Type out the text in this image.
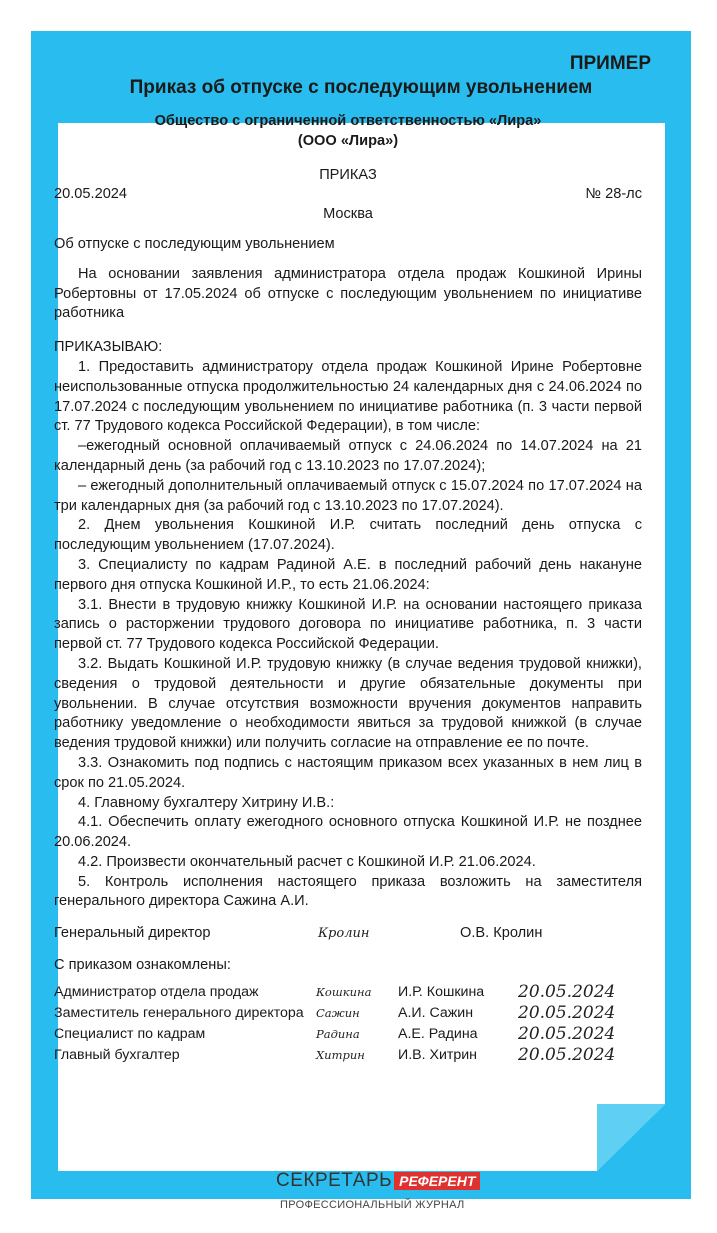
ПРИМЕР
Приказ об отпуске с последующим увольнением
Общество с ограниченной ответственностью «Лира»
(ООО «Лира»)
ПРИКАЗ
20.05.2024	№ 28-лс
Москва

Об отпуске с последующим увольнением

На основании заявления администратора отдела продаж Кошкиной Ирины Робертовны от 17.05.2024 об отпуске с последующим увольнением по инициативе работника

ПРИКАЗЫВАЮ:

1. Предоставить администратору отдела продаж Кошкиной Ирине Робертовне неиспользованные отпуска продолжительностью 24 календарных дня с 24.06.2024 по 17.07.2024 с последующим увольнением по инициативе работника (п. 3 части первой ст. 77 Трудового кодекса Российской Федерации), в том числе:

–ежегодный основной оплачиваемый отпуск с 24.06.2024 по 14.07.2024 на 21 календарный день (за рабочий год с 13.10.2023 по 17.07.2024);

– ежегодный дополнительный оплачиваемый отпуск с 15.07.2024 по 17.07.2024 на три календарных дня (за рабочий год с 13.10.2023 по 17.07.2024).

2. Днем увольнения Кошкиной И.Р. считать последний день отпуска с последующим увольнением (17.07.2024).

3. Специалисту по кадрам Радиной А.Е. в последний рабочий день накануне первого дня отпуска Кошкиной И.Р., то есть 21.06.2024:

3.1. Внести в трудовую книжку Кошкиной И.Р. на основании настоящего приказа запись о расторжении трудового договора по инициативе работника, п. 3 части первой ст. 77 Трудового кодекса Российской Федерации.

3.2. Выдать Кошкиной И.Р. трудовую книжку (в случае ведения трудовой книжки), сведения о трудовой деятельности и другие обязательные документы при увольнении. В случае отсутствия возможности вручения документов направить работнику уведомление о необходимости явиться за трудовой книжкой (в случае ведения трудовой книжки) или получить согласие на отправление ее по почте.

3.3. Ознакомить под подпись с настоящим приказом всех указанных в нем лиц в срок по 21.05.2024.

4. Главному бухгалтеру Хитрину И.В.:

4.1. Обеспечить оплату ежегодного основного отпуска Кошкиной И.Р. не позднее 20.06.2024.

4.2. Произвести окончательный расчет с Кошкиной И.Р. 21.06.2024.

5. Контроль исполнения настоящего приказа возложить на заместителя генерального директора Сажина А.И.

Генеральный директор	Кролин	О.В. Кролин

С приказом ознакомлены:

Администратор отдела продаж	Кошкина	И.Р. Кошкина	20.05.2024
Заместитель генерального директора	Сажин	А.И. Сажин	20.05.2024
Специалист по кадрам	Радина	А.Е. Радина	20.05.2024
Главный бухгалтер	Хитрин	И.В. Хитрин	20.05.2024
СЕКРЕТАРЬ РЕФЕРЕНТ
ПРОФЕССИОНАЛЬНЫЙ ЖУРНАЛ
